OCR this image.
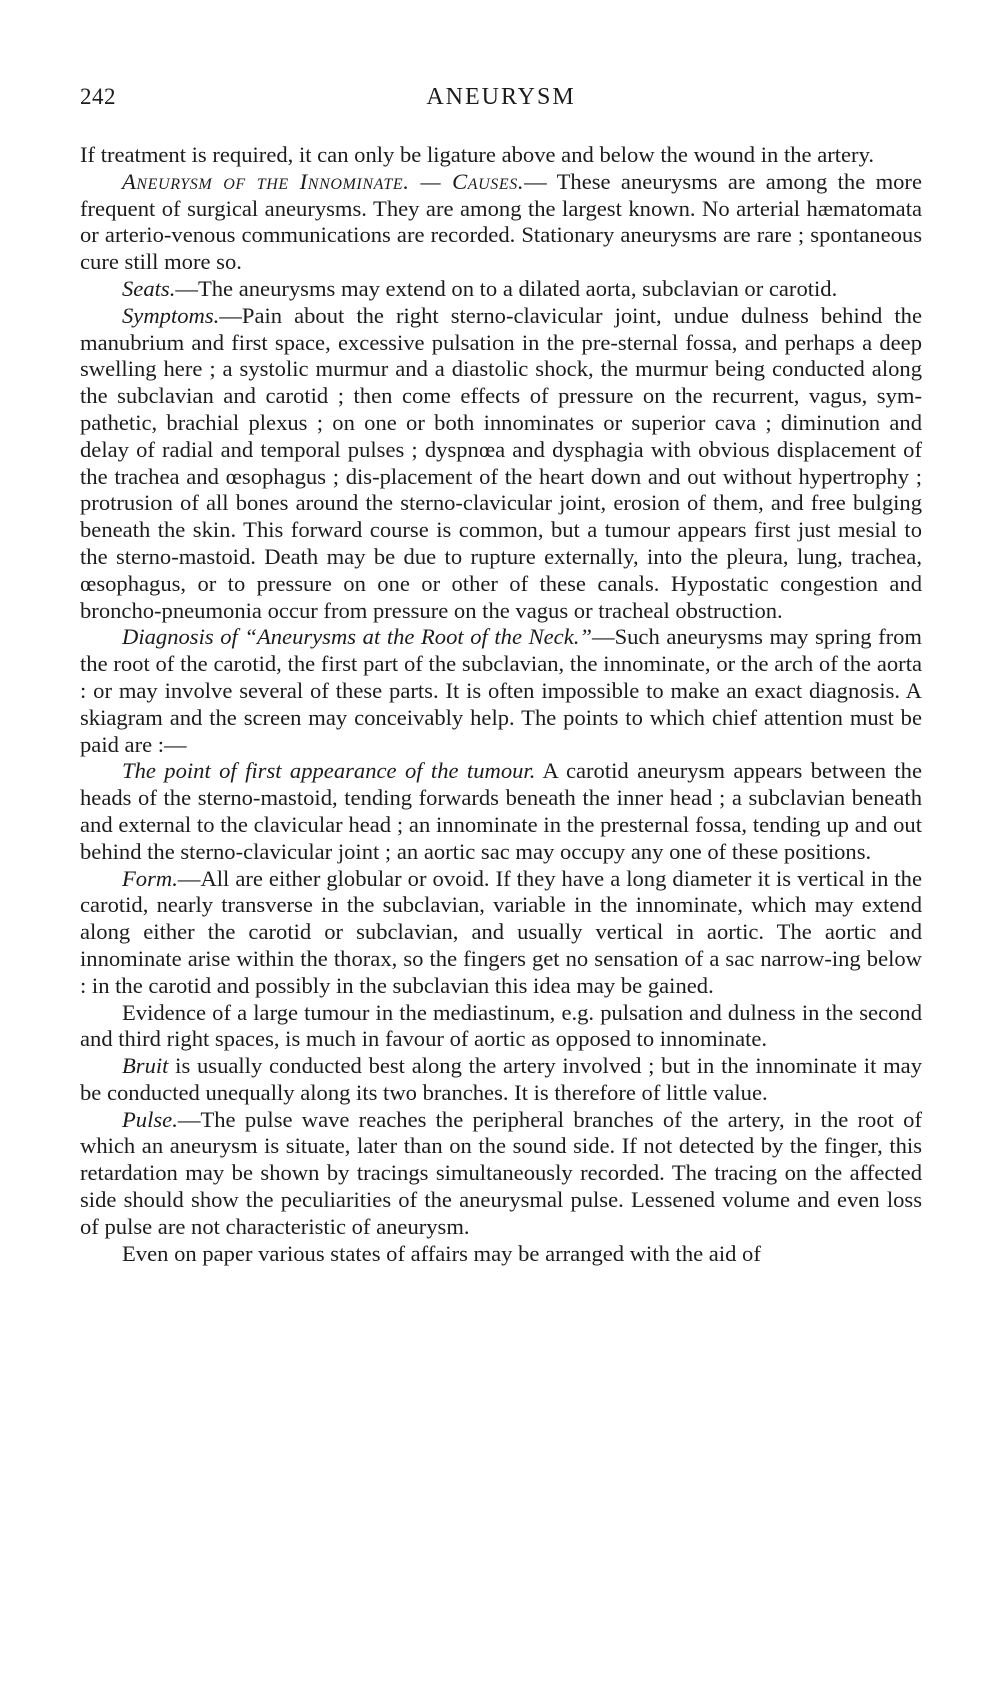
242	ANEURYSM

If treatment is required, it can only be ligature above and below the wound in the artery.

Aneurysm of the Innominate. — Causes.— These aneurysms are among the more frequent of surgical aneurysms. They are among the largest known. No arterial hæmatomata or arterio-venous communications are recorded. Stationary aneurysms are rare ; spontaneous cure still more so.

Seats.—The aneurysms may extend on to a dilated aorta, subclavian or carotid.

Symptoms.—Pain about the right sterno-clavicular joint, undue dulness behind the manubrium and first space, excessive pulsation in the pre-sternal fossa, and perhaps a deep swelling here ; a systolic murmur and a diastolic shock, the murmur being conducted along the subclavian and carotid ; then come effects of pressure on the recurrent, vagus, sym-pathetic, brachial plexus ; on one or both innominates or superior cava ; diminution and delay of radial and temporal pulses ; dyspnœa and dysphagia with obvious displacement of the trachea and œsophagus ; dis-placement of the heart down and out without hypertrophy ; protrusion of all bones around the sterno-clavicular joint, erosion of them, and free bulging beneath the skin. This forward course is common, but a tumour appears first just mesial to the sterno-mastoid. Death may be due to rupture externally, into the pleura, lung, trachea, œsophagus, or to pressure on one or other of these canals. Hypostatic congestion and broncho-pneumonia occur from pressure on the vagus or tracheal obstruction.

Diagnosis of “Aneurysms at the Root of the Neck.”—Such aneurysms may spring from the root of the carotid, the first part of the subclavian, the innominate, or the arch of the aorta : or may involve several of these parts. It is often impossible to make an exact diagnosis. A skiagram and the screen may conceivably help. The points to which chief attention must be paid are :—

The point of first appearance of the tumour. A carotid aneurysm appears between the heads of the sterno-mastoid, tending forwards beneath the inner head ; a subclavian beneath and external to the clavicular head ; an innominate in the presternal fossa, tending up and out behind the sterno-clavicular joint ; an aortic sac may occupy any one of these positions.

Form.—All are either globular or ovoid. If they have a long diameter it is vertical in the carotid, nearly transverse in the subclavian, variable in the innominate, which may extend along either the carotid or subclavian, and usually vertical in aortic. The aortic and innominate arise within the thorax, so the fingers get no sensation of a sac narrow-ing below : in the carotid and possibly in the subclavian this idea may be gained.

Evidence of a large tumour in the mediastinum, e.g. pulsation and dulness in the second and third right spaces, is much in favour of aortic as opposed to innominate.

Bruit is usually conducted best along the artery involved ; but in the innominate it may be conducted unequally along its two branches. It is therefore of little value.

Pulse.—The pulse wave reaches the peripheral branches of the artery, in the root of which an aneurysm is situate, later than on the sound side. If not detected by the finger, this retardation may be shown by tracings simultaneously recorded. The tracing on the affected side should show the peculiarities of the aneurysmal pulse. Lessened volume and even loss of pulse are not characteristic of aneurysm.

Even on paper various states of affairs may be arranged with the aid of
